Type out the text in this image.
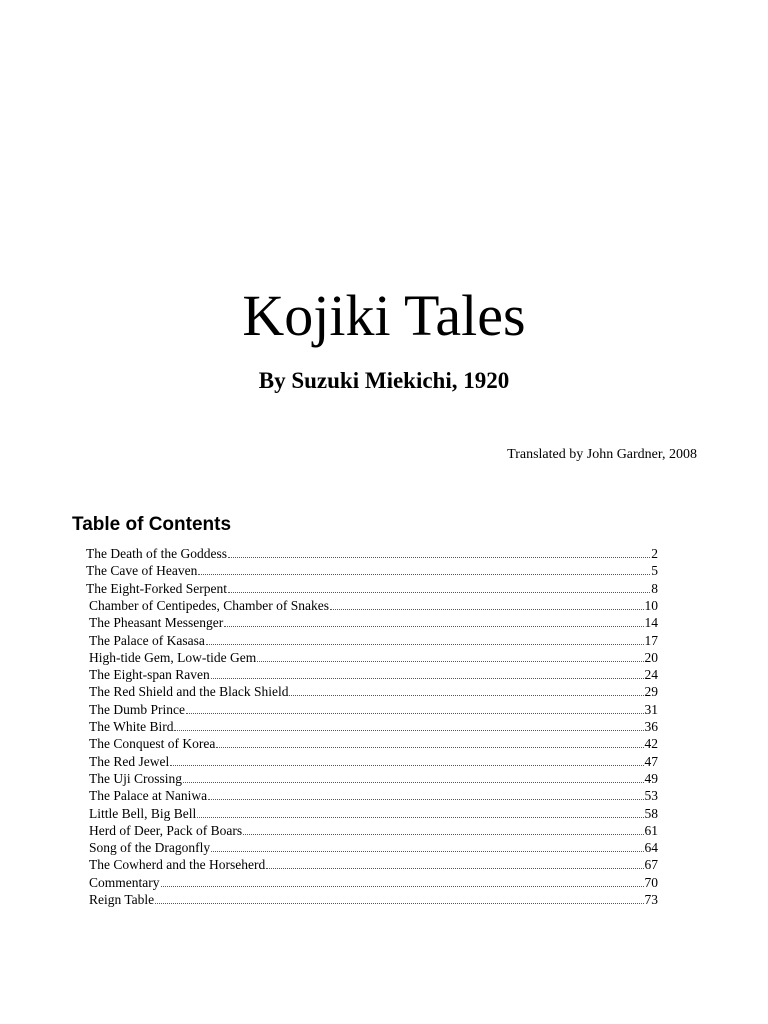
Kojiki Tales
By Suzuki Miekichi, 1920
Translated by John Gardner, 2008
Table of Contents
The Death of the Goddess	2
The Cave of Heaven	5
The Eight-Forked Serpent	8
Chamber of Centipedes, Chamber of Snakes	10
The Pheasant Messenger	14
The Palace of Kasasa	17
High-tide Gem, Low-tide Gem	20
The Eight-span Raven	24
The Red Shield and the Black Shield	29
The Dumb Prince	31
The White Bird	36
The Conquest of Korea	42
The Red Jewel	47
The Uji Crossing	49
The Palace at Naniwa	53
Little Bell, Big Bell	58
Herd of Deer, Pack of Boars	61
Song of the Dragonfly	64
The Cowherd and the Horseherd	67
Commentary	70
Reign Table	73
